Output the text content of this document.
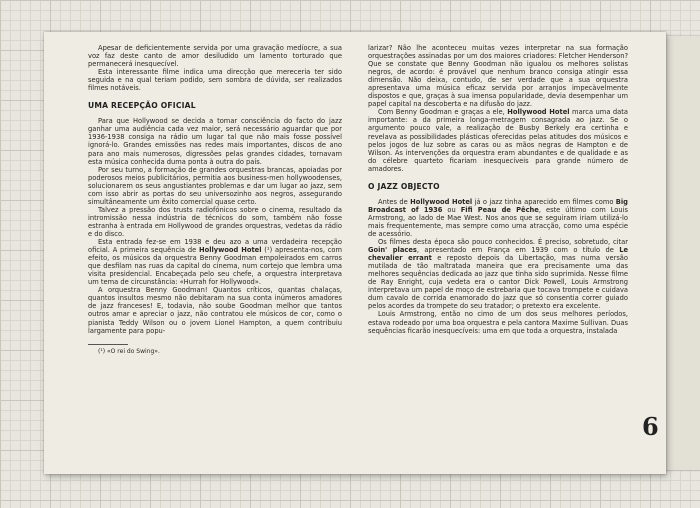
Apesar de deficientemente servida por uma gravação medíocre, a sua voz faz deste canto de amor desiludido um lamento torturado que permanecerá inesquecível.

Esta interessante filme indica uma direcção que mereceria ter sido seguida e na qual teriam podido, sem sombra de dúvida, ser realizados filmes notáveis.

UMA RECEPÇÃO OFICIAL

Para que Hollywood se decida a tomar consciência do facto do jazz ganhar uma audiência cada vez maior, será necessário aguardar que por 1936-1938 consiga na rádio um lugar tal que não mais fosse possível ignorá-lo. Grandes emissões nas redes mais importantes, discos de ano para ano mais numerosos, digressões pelas grandes cidades, tornavam esta música conhecida duma ponta à outra do país.

Por seu turno, a formação de grandes orquestras brancas, apoiadas por poderosos meios publicitários, permitia aos business-men hollywoodenses, solucionarem os seus angustiantes problemas e dar um lugar ao jazz, sem com isso abrir as portas do seu universozinho aos negros, assegurando simultâneamente um êxito comercial quase certo.

Talvez a pressão dos trusts radiofónicos sobre o cinema, resultado da intromissão nessa indústria de técnicos do som, também não fosse estranha à entrada em Hollywood de grandes orquestras, vedetas da rádio e do disco.

Esta entrada fez-se em 1938 e deu azo a uma verdadeira recepção oficial. A primeira sequência de Hollywood Hotel (¹) apresenta-nos, com efeito, os músicos da orquestra Benny Goodman empoleirados em carros que desfilam nas ruas da capital do cinema, num cortejo que lembra uma visita presidencial. Encabeçada pelo seu chefe, a orquestra interpretava um tema de circunstância: «Hurrah for Hollywood».

A orquestra Benny Goodman! Quantos críticos, quantas chalaças, quantos insultos mesmo não debitaram na sua conta inúmeros amadores de jazz franceses! E, todavia, não soube Goodman melhor que tantos outros amar e apreciar o jazz, não contratou ele músicos de cor, como o pianista Teddy Wilson ou o jovem Lionel Hampton, a quem contribuiu largamente para popu-

(¹) «O rei do Swing».

larizar? Não lhe aconteceu muitas vezes interpretar na sua formação orquestrações assinadas por um dos maiores criadores: Fletcher Henderson? Que se constate que Benny Goodman não igualou os melhores solistas negros, de acordo: é provável que nenhum branco consiga atingir essa dimensão. Não deixa, contudo, de ser verdade que a sua orquestra apresentava uma música eficaz servida por arranjos impecàvelmente dispostos e que, graças à sua imensa popularidade, devia desempenhar um papel capital na descoberta e na difusão do jazz.

Com Benny Goodman e graças a ele, Hollywood Hotel marca uma data importante: a da primeira longa-metragem consagrada ao jazz. Se o argumento pouco vale, a realização de Busby Berkely era certinha e revelava as possibilidades plásticas oferecidas pelas atitudes dos músicos e pelos jogos de luz sobre as caras ou as mãos negras de Hampton e de Wilson. As intervenções da orquestra eram abundantes e de qualidade e as do célebre quarteto ficariam inesquecíveis para grande número de amadores.

O JAZZ OBJECTO

Antes de Hollywood Hotel já o jazz tinha aparecido em filmes como Big Broadcast of 1936 ou Fifi Peau de Pêche, este último com Louis Armstrong, ao lado de Mae West. Nos anos que se seguiram iriam utilizá-lo mais frequentemente, mas sempre como uma atracção, como uma espécie de acessório.

Os filmes desta época são pouco conhecidos. É preciso, sobretudo, citar Goin' places, apresentado em França em 1939 com o título de Le chevalier errant e reposto depois da Libertação, mas numa versão mutilada de tão maltratada maneira que era precisamente uma das melhores sequências dedicada ao jazz que tinha sido suprimida. Nesse filme de Ray Enright, cuja vedeta era o cantor Dick Powell, Louis Armstrong interpretava um papel de moço de estrebaria que tocava trompete e cuidava dum cavalo de corrida enamorado do jazz que só consentia correr guiado pelos acordes da trompete do seu tratador; o pretexto era excelente.

Louis Armstrong, então no cimo de um dos seus melhores períodos, estava rodeado por uma boa orquestra e pela cantora Maxime Sullivan. Duas sequências ficarão inesquecíveis: uma em que toda a orquestra, instalada

6
